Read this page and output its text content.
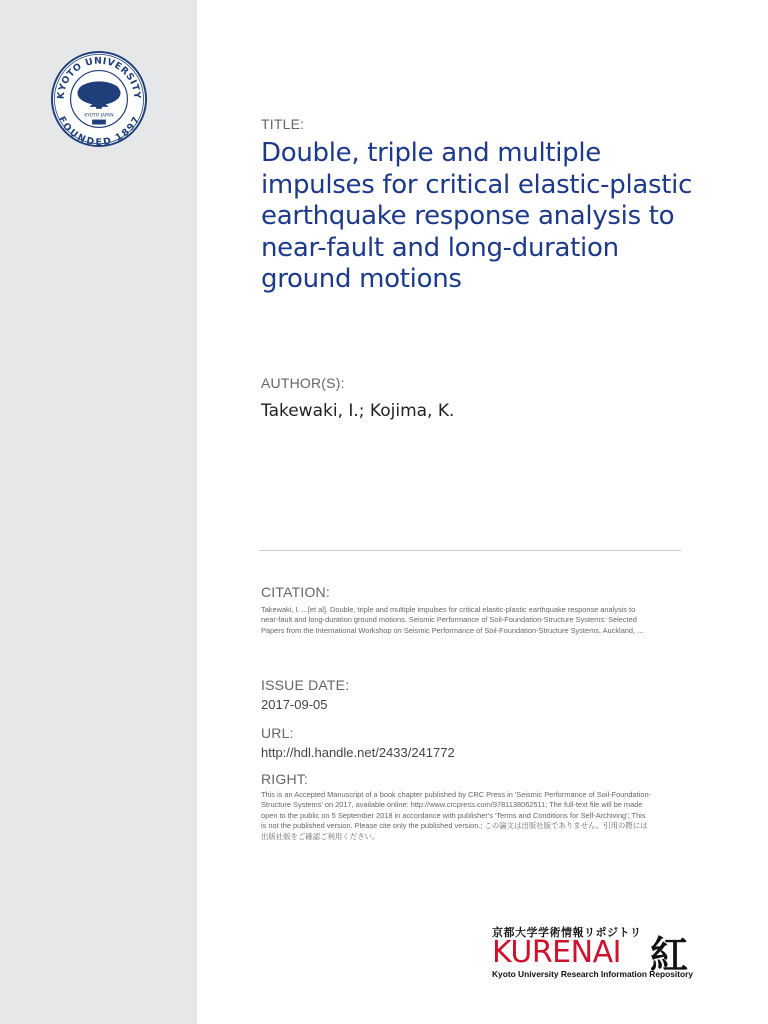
KYOTO UNIVERSITY
FOUNDED 1897
KYOTO JAPAN	TITLE:
Double, triple and multiple impulses for critical elastic-plastic earthquake response analysis to near-fault and long-duration ground motions
AUTHOR(S):
Takewaki, I.; Kojima, K.
CITATION:
Takewaki, I. ...[et al]. Double, triple and multiple impulses for critical elastic-plastic earthquake response analysis to
near-fault and long-duration ground motions. Seismic Performance of Soil-Foundation-Structure Systems: Selected
Papers from the International Workshop on Seismic Performance of Soil-Foundation-Structure Systems, Auckland, ...
ISSUE DATE:
2017-09-05
URL:
http://hdl.handle.net/2433/241772
RIGHT:
This is an Accepted Manuscript of a book chapter published by CRC Press in 'Seismic Performance of Soil-Foundation-
Structure Systems' on 2017, available online: http://www.crcpress.com/9781138062511; The full-text file will be made
open to the public on 5 September 2018 in accordance with publisher's 'Terms and Conditions for Self-Archiving'; This
is not the published version. Please cite only the published version.; この論文は出版社版でありません。引用の際には
出版社版をご確認ご利用ください。
京都大学学術情報リポジトリ
KURENAI 紅
Kyoto University Research Information Repository
